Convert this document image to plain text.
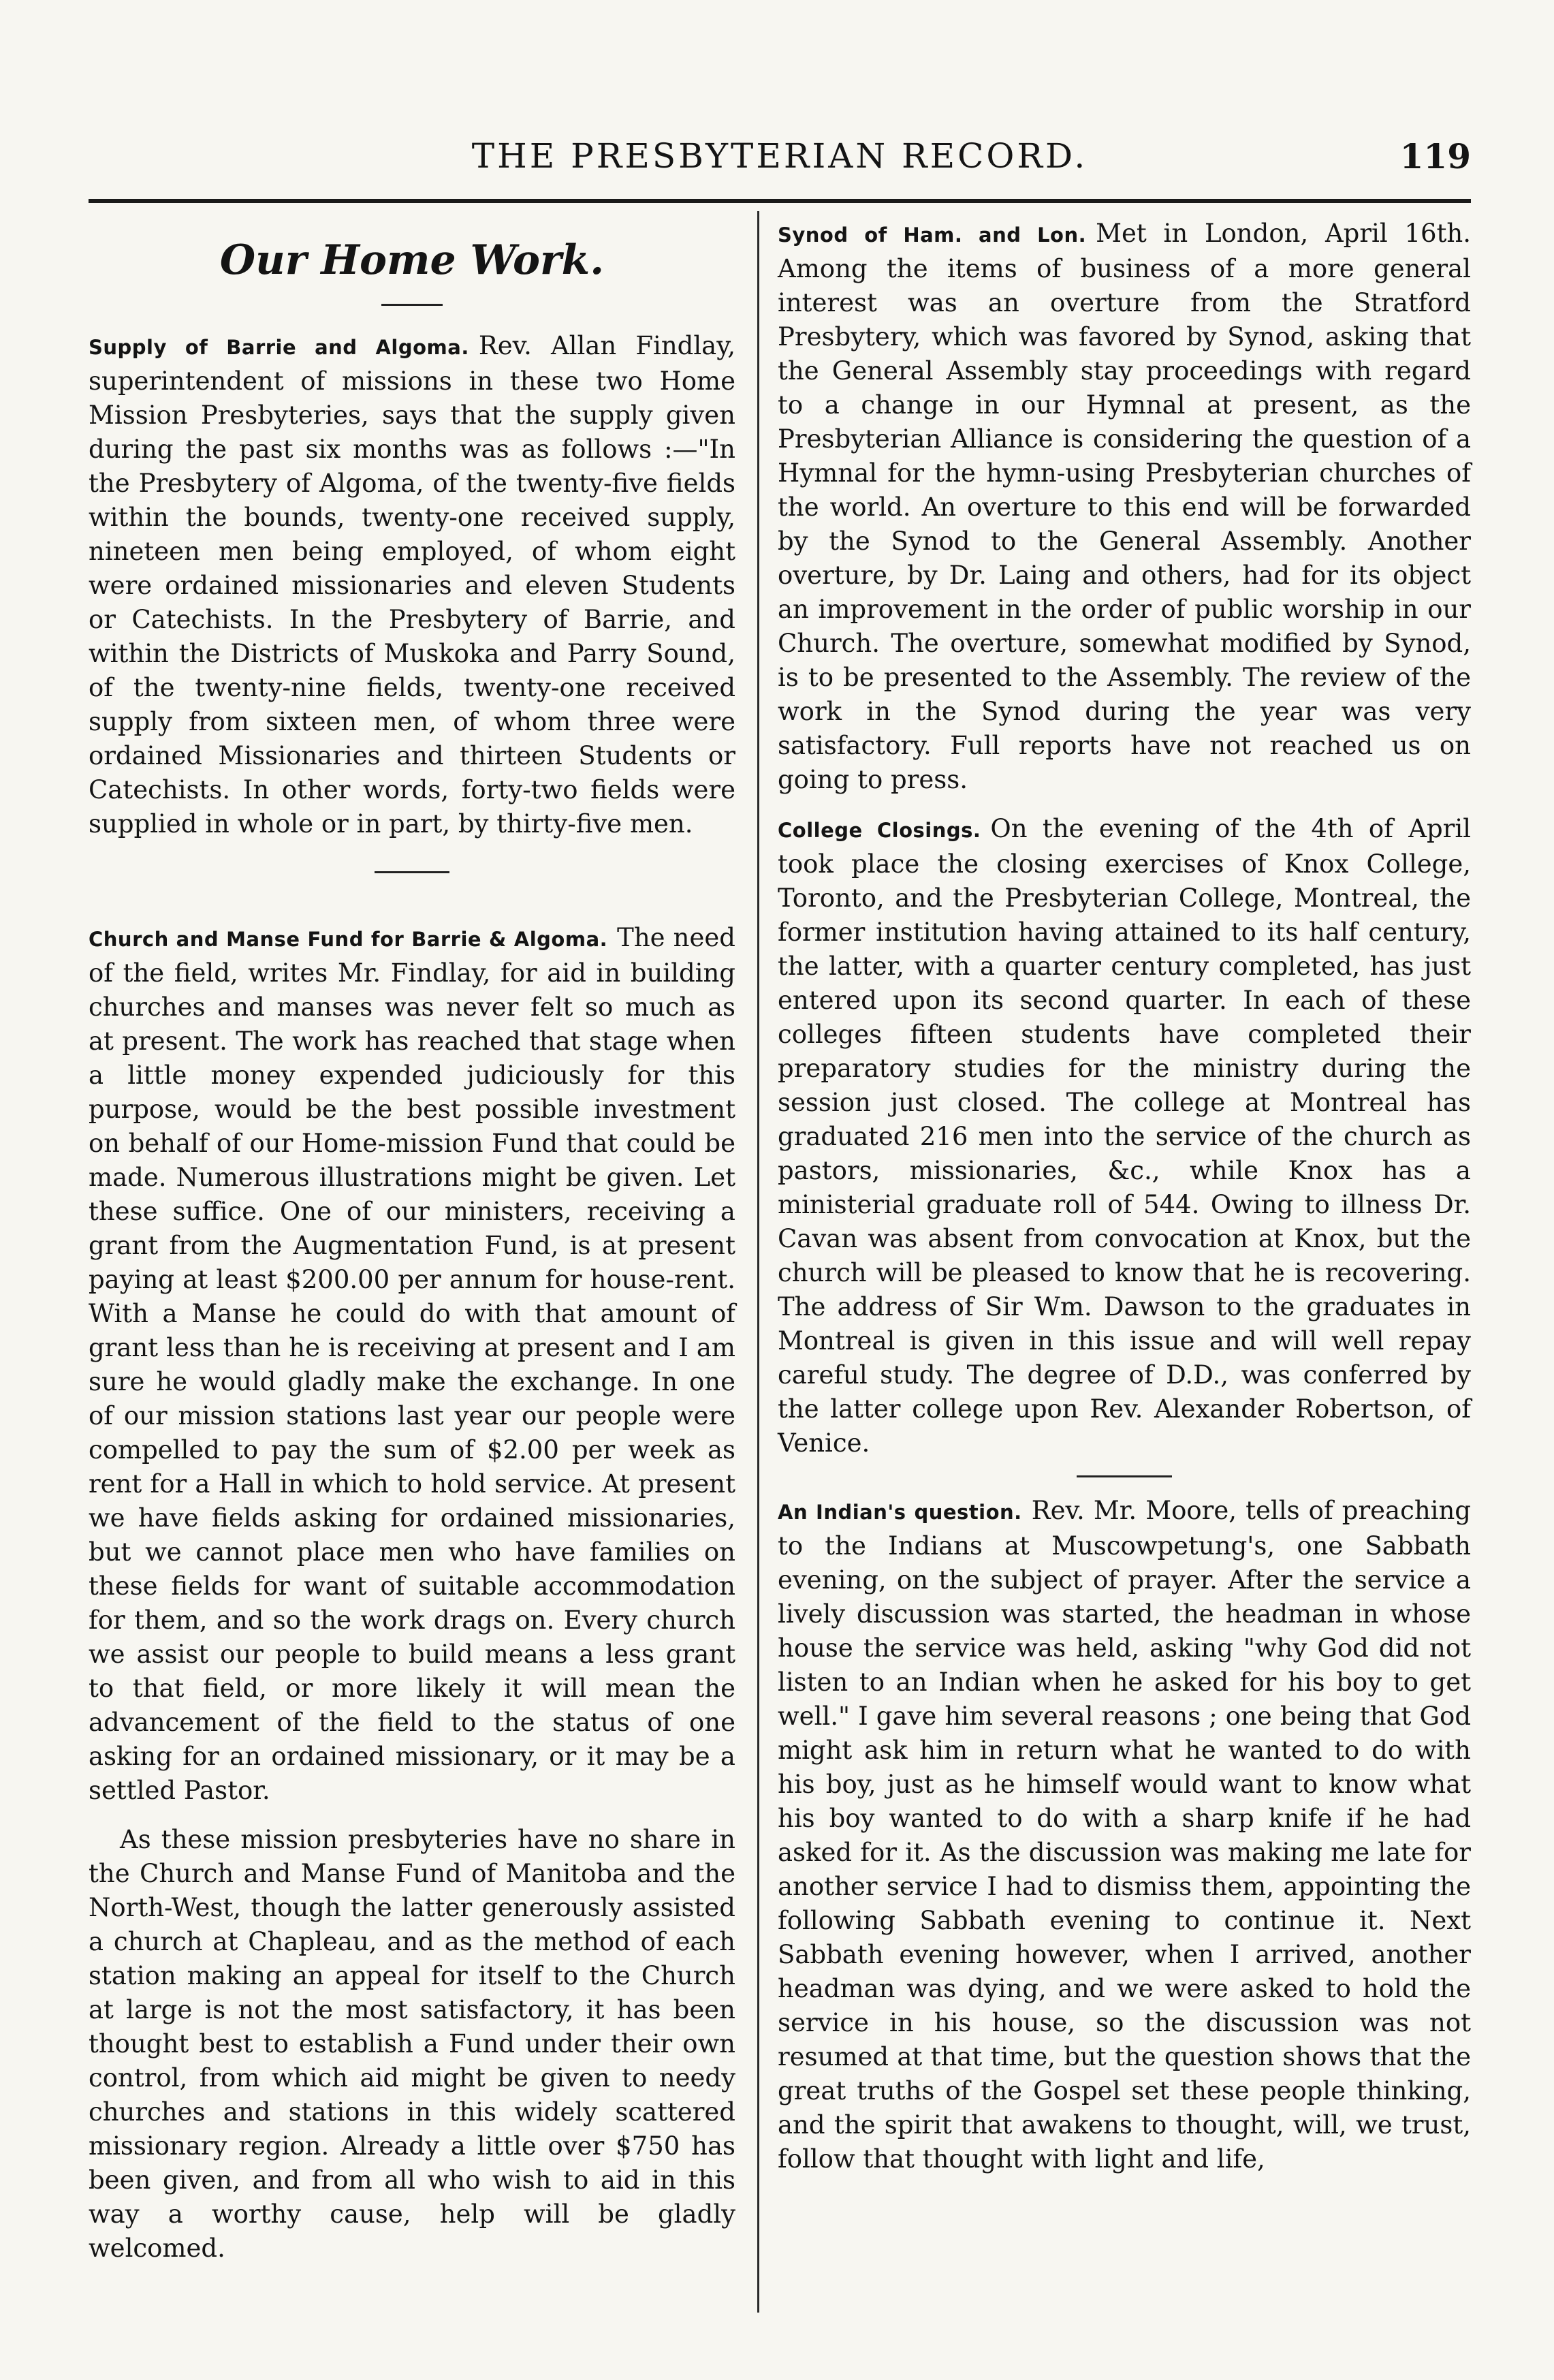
THE PRESBYTERIAN RECORD.	119
Our Home Work.

Supply of Barrie and Algoma. Rev. Allan Findlay, superintendent of missions in these two Home Mission Presbyteries, says that the supply given during the past six months was as follows :—"In the Presbytery of Algoma, of the twenty-five fields within the bounds, twenty-one received supply, nineteen men being employed, of whom eight were ordained missionaries and eleven Students or Catechists. In the Presbytery of Barrie, and within the Districts of Muskoka and Parry Sound, of the twenty-nine fields, twenty-one received supply from sixteen men, of whom three were ordained Missionaries and thirteen Students or Catechists. In other words, forty-two fields were supplied in whole or in part, by thirty-five men.

Church and Manse Fund for Barrie & Algoma. The need of the field, writes Mr. Findlay, for aid in building churches and manses was never felt so much as at present. The work has reached that stage when a little money expended judiciously for this purpose, would be the best possible investment on behalf of our Home-mission Fund that could be made. Numerous illustrations might be given. Let these suffice. One of our ministers, receiving a grant from the Augmentation Fund, is at present paying at least $200.00 per annum for house-rent. With a Manse he could do with that amount of grant less than he is receiving at present and I am sure he would gladly make the exchange. In one of our mission stations last year our people were compelled to pay the sum of $2.00 per week as rent for a Hall in which to hold service. At present we have fields asking for ordained missionaries, but we cannot place men who have families on these fields for want of suitable accommodation for them, and so the work drags on. Every church we assist our people to build means a less grant to that field, or more likely it will mean the advancement of the field to the status of one asking for an ordained missionary, or it may be a settled Pastor.

As these mission presbyteries have no share in the Church and Manse Fund of Manitoba and the North-West, though the latter generously assisted a church at Chapleau, and as the method of each station making an appeal for itself to the Church at large is not the most satisfactory, it has been thought best to establish a Fund under their own control, from which aid might be given to needy churches and stations in this widely scattered missionary region. Already a little over $750 has been given, and from all who wish to aid in this way a worthy cause, help will be gladly welcomed.

Synod of Ham. and Lon. Met in London, April 16th. Among the items of business of a more general interest was an overture from the Stratford Presbytery, which was favored by Synod, asking that the General Assembly stay proceedings with regard to a change in our Hymnal at present, as the Presbyterian Alliance is considering the question of a Hymnal for the hymn-using Presbyterian churches of the world. An overture to this end will be forwarded by the Synod to the General Assembly. Another overture, by Dr. Laing and others, had for its object an improvement in the order of public worship in our Church. The overture, somewhat modified by Synod, is to be presented to the Assembly. The review of the work in the Synod during the year was very satisfactory. Full reports have not reached us on going to press.

College Closings. On the evening of the 4th of April took place the closing exercises of Knox College, Toronto, and the Presbyterian College, Montreal, the former institution having attained to its half century, the latter, with a quarter century completed, has just entered upon its second quarter. In each of these colleges fifteen students have completed their preparatory studies for the ministry during the session just closed. The college at Montreal has graduated 216 men into the service of the church as pastors, missionaries, &c., while Knox has a ministerial graduate roll of 544. Owing to illness Dr. Cavan was absent from convocation at Knox, but the church will be pleased to know that he is recovering. The address of Sir Wm. Dawson to the graduates in Montreal is given in this issue and will well repay careful study. The degree of D.D., was conferred by the latter college upon Rev. Alexander Robertson, of Venice.

An Indian's question. Rev. Mr. Moore, tells of preaching to the Indians at Muscowpetung's, one Sabbath evening, on the subject of prayer. After the service a lively discussion was started, the headman in whose house the service was held, asking "why God did not listen to an Indian when he asked for his boy to get well." I gave him several reasons ; one being that God might ask him in return what he wanted to do with his boy, just as he himself would want to know what his boy wanted to do with a sharp knife if he had asked for it. As the discussion was making me late for another service I had to dismiss them, appointing the following Sabbath evening to continue it. Next Sabbath evening however, when I arrived, another headman was dying, and we were asked to hold the service in his house, so the discussion was not resumed at that time, but the question shows that the great truths of the Gospel set these people thinking, and the spirit that awakens to thought, will, we trust, follow that thought with light and life,
